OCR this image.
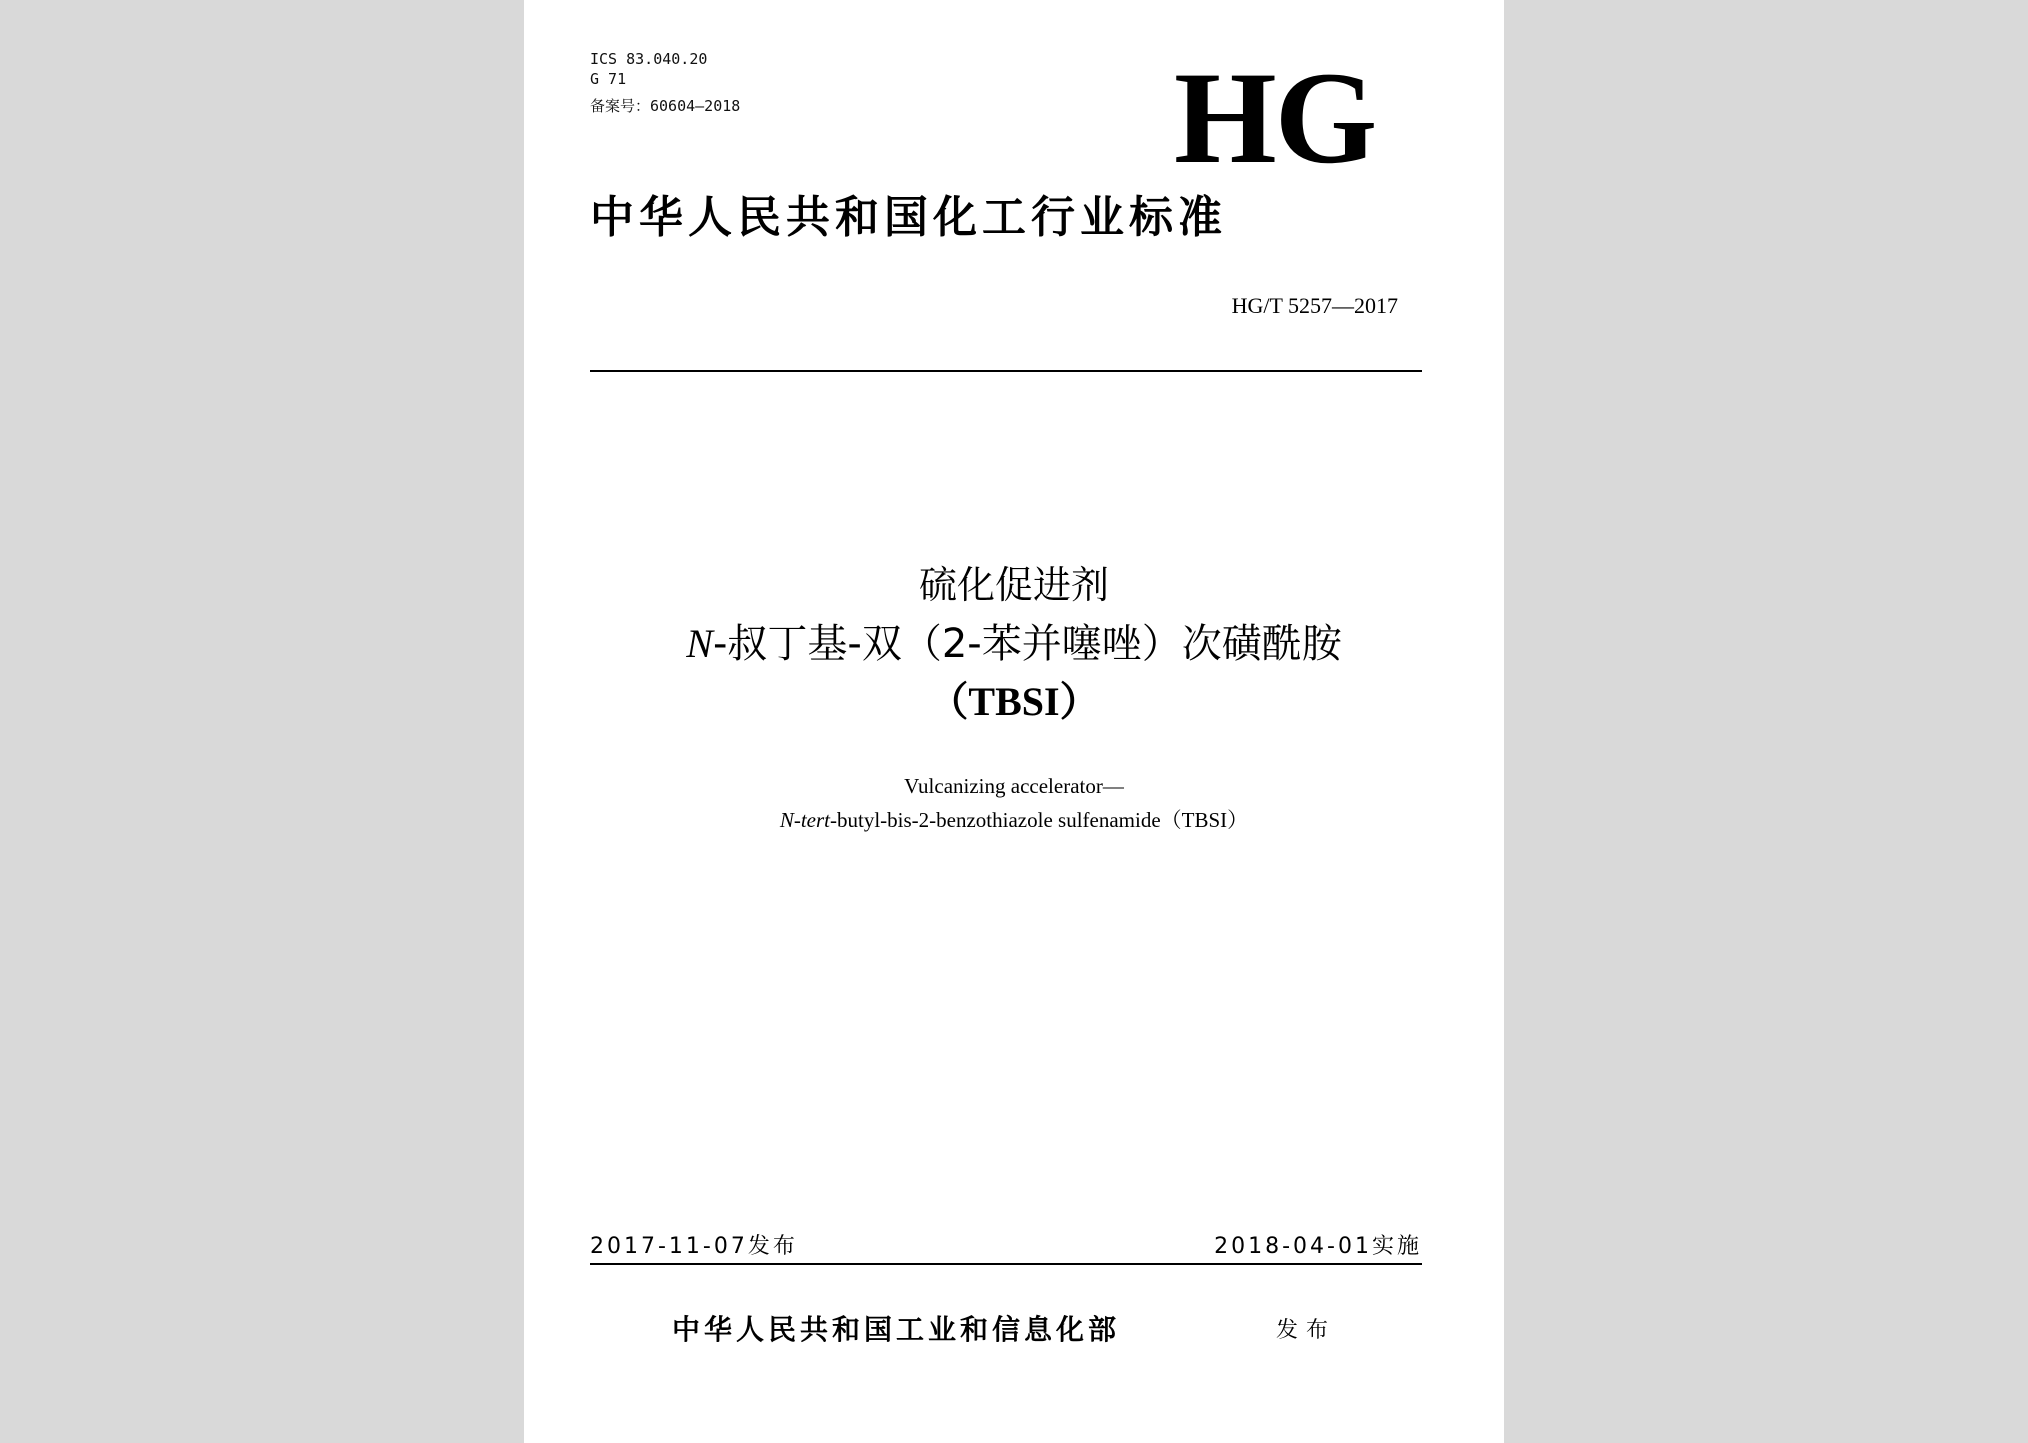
ICS 83.040.20
G 71
备案号：60604—2018	HG
中华人民共和国化工行业标准
HG/T 5257—2017
硫化促进剂
N-叔丁基-双（2-苯并噻唑）次磺酰胺
（TBSI）
Vulcanizing accelerator—
N-tert-butyl-bis-2-benzothiazole sulfenamide（TBSI）
2017-11-07发布	2018-04-01实施
中华人民共和国工业和信息化部	发布
